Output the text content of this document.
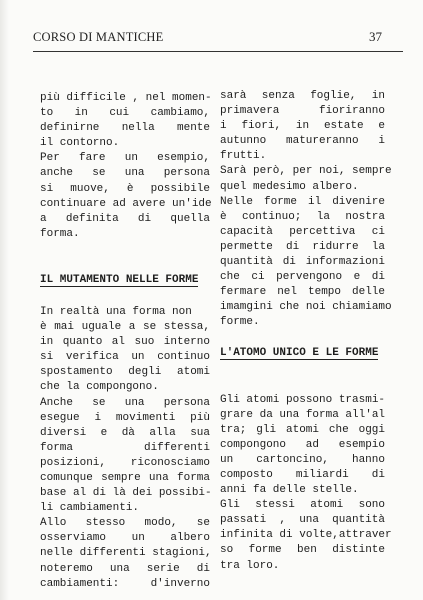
CORSO DI MANTICHE	37
più difficile , nel momen-
to in cui cambiamo,
definirne nella mente
il contorno.
Per fare un esempio,
anche se una persona
si muove, è possibile
continuare ad avere un'ide
a definita di quella
forma.
IL MUTAMENTO NELLE FORME
In realtà una forma non
è mai uguale a se stessa,
in quanto al suo interno
si verifica un continuo
spostamento degli atomi
che la compongono.
Anche se una persona
esegue i movimenti più
diversi e dà alla sua
forma differenti
posizioni, riconosciamo
comunque sempre una forma
base al di là dei possibi-
li cambiamenti.
Allo stesso modo, se
osserviamo un albero
nelle differenti stagioni,
noteremo una serie di
cambiamenti: d'inverno
sarà senza foglie, in
primavera fioriranno
i fiori, in estate e
autunno matureranno i
frutti.
Sarà però, per noi, sempre
quel medesimo albero.
Nelle forme il divenire
è continuo; la nostra
capacità percettiva ci
permette di ridurre la
quantità di informazioni
che ci pervengono e di
fermare nel tempo delle
imamgini che noi chiamiamo
forme.
L'ATOMO UNICO E LE FORME
Gli atomi possono trasmi-
grare da una forma all'al
tra; gli atomi che oggi
compongono ad esempio
un cartoncino, hanno
composto miliardi di
anni fa delle stelle.
Gli stessi atomi sono
passati , una quantità
infinita di volte,attraver
so forme ben distinte
tra loro.
